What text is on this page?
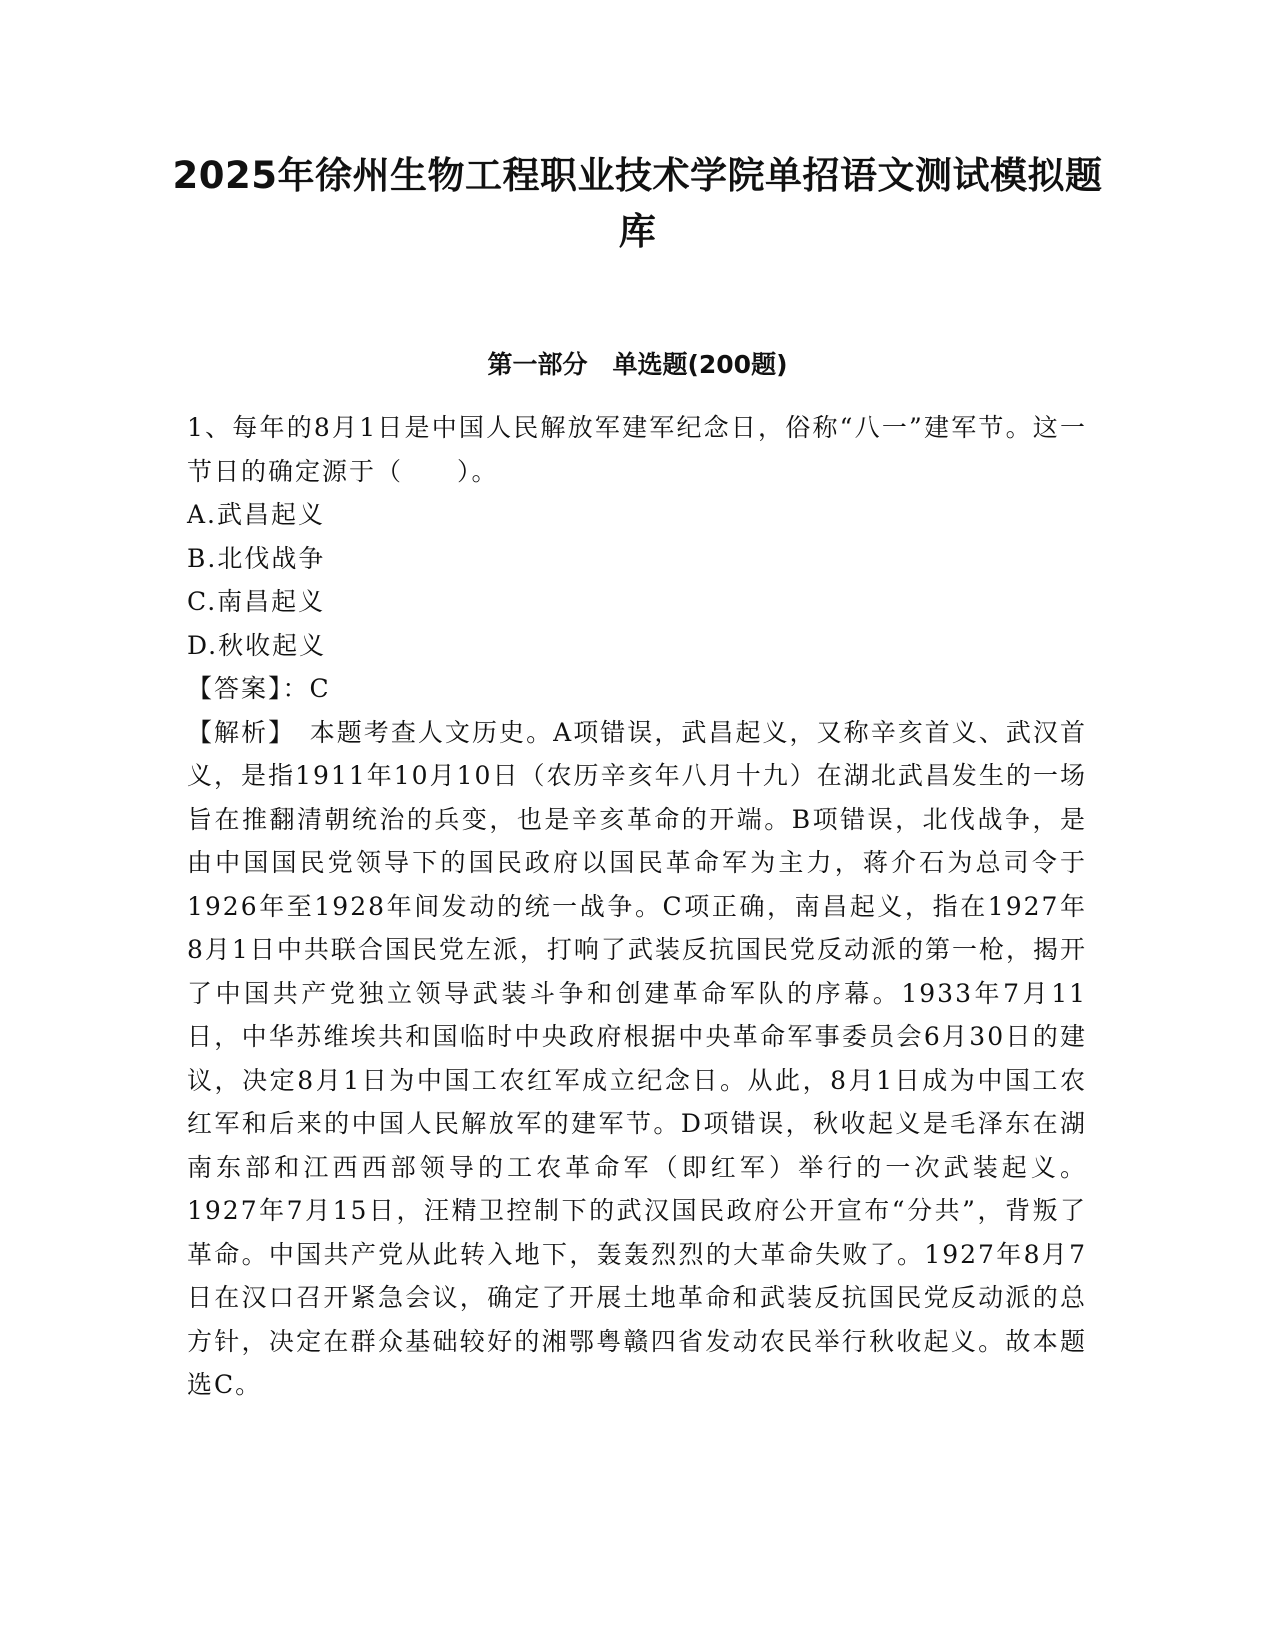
2025年徐州生物工程职业技术学院单招语文测试模拟题库
第一部分　单选题(200题)

1、每年的8月1日是中国人民解放军建军纪念日，俗称“八一”建军节。这一节日的确定源于（　　）。

A.武昌起义

B.北伐战争

C.南昌起义

D.秋收起义

【答案】：C

【解析】　本题考查人文历史。A项错误，武昌起义，又称辛亥首义、武汉首义，是指1911年10月10日（农历辛亥年八月十九）在湖北武昌发生的一场旨在推翻清朝统治的兵变，也是辛亥革命的开端。B项错误，北伐战争，是由中国国民党领导下的国民政府以国民革命军为主力，蒋介石为总司令于1926年至1928年间发动的统一战争。C项正确，南昌起义，指在1927年8月1日中共联合国民党左派，打响了武装反抗国民党反动派的第一枪，揭开了中国共产党独立领导武装斗争和创建革命军队的序幕。1933年7月11日，中华苏维埃共和国临时中央政府根据中央革命军事委员会6月30日的建议，决定8月1日为中国工农红军成立纪念日。从此，8月1日成为中国工农红军和后来的中国人民解放军的建军节。D项错误，秋收起义是毛泽东在湖南东部和江西西部领导的工农革命军（即红军）举行的一次武装起义。1927年7月15日，汪精卫控制下的武汉国民政府公开宣布“分共”，背叛了革命。中国共产党从此转入地下，轰轰烈烈的大革命失败了。1927年8月7日在汉口召开紧急会议，确定了开展土地革命和武装反抗国民党反动派的总方针，决定在群众基础较好的湘鄂粤赣四省发动农民举行秋收起义。故本题选C。
